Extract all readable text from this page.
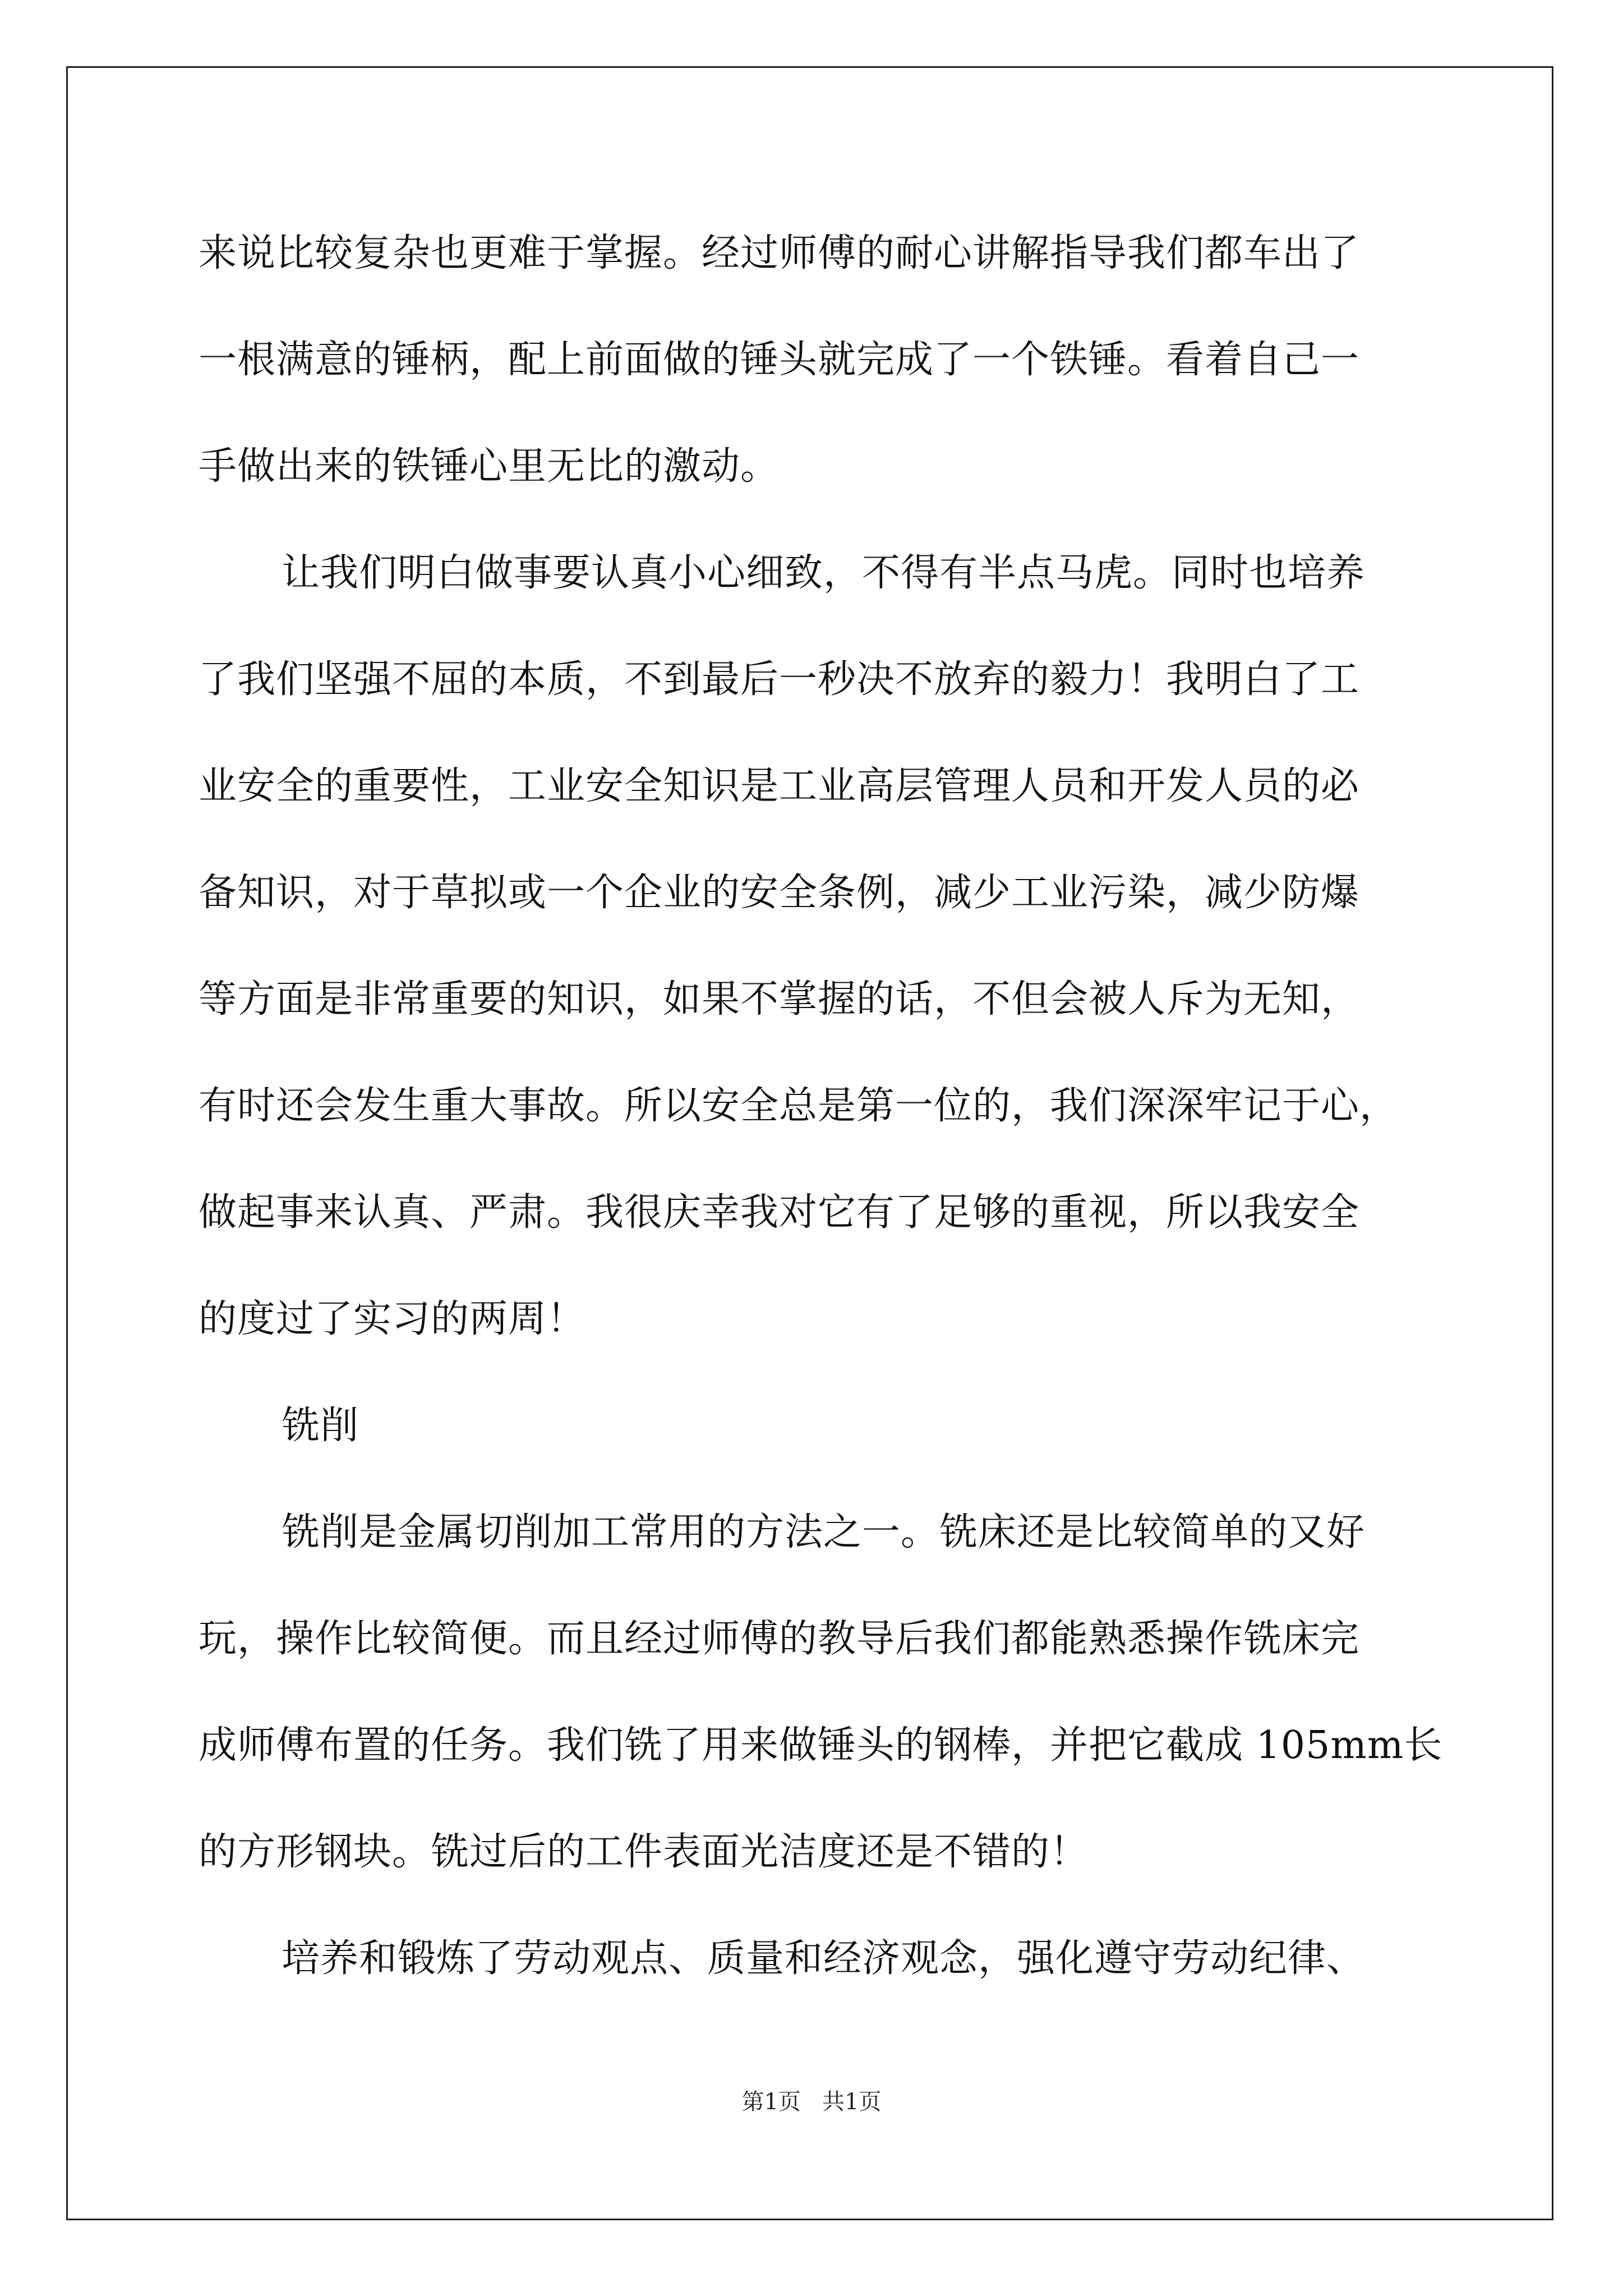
来说比较复杂也更难于掌握。经过师傅的耐心讲解指导我们都车出了
一根满意的锤柄，配上前面做的锤头就完成了一个铁锤。看着自己一
手做出来的铁锤心里无比的激动。
让我们明白做事要认真小心细致，不得有半点马虎。同时也培养
了我们坚强不屈的本质，不到最后一秒决不放弃的毅力！我明白了工
业安全的重要性，工业安全知识是工业高层管理人员和开发人员的必
备知识，对于草拟或一个企业的安全条例，减少工业污染，减少防爆
等方面是非常重要的知识，如果不掌握的话，不但会被人斥为无知，
有时还会发生重大事故。所以安全总是第一位的，我们深深牢记于心，
做起事来认真、严肃。我很庆幸我对它有了足够的重视，所以我安全
的度过了实习的两周！
铣削
铣削是金属切削加工常用的方法之一。铣床还是比较简单的又好
玩，操作比较简便。而且经过师傅的教导后我们都能熟悉操作铣床完
成师傅布置的任务。我们铣了用来做锤头的钢棒，并把它截成 105mm长
的方形钢块。铣过后的工件表面光洁度还是不错的！
培养和锻炼了劳动观点、质量和经济观念，强化遵守劳动纪律、
第1页   共1页
